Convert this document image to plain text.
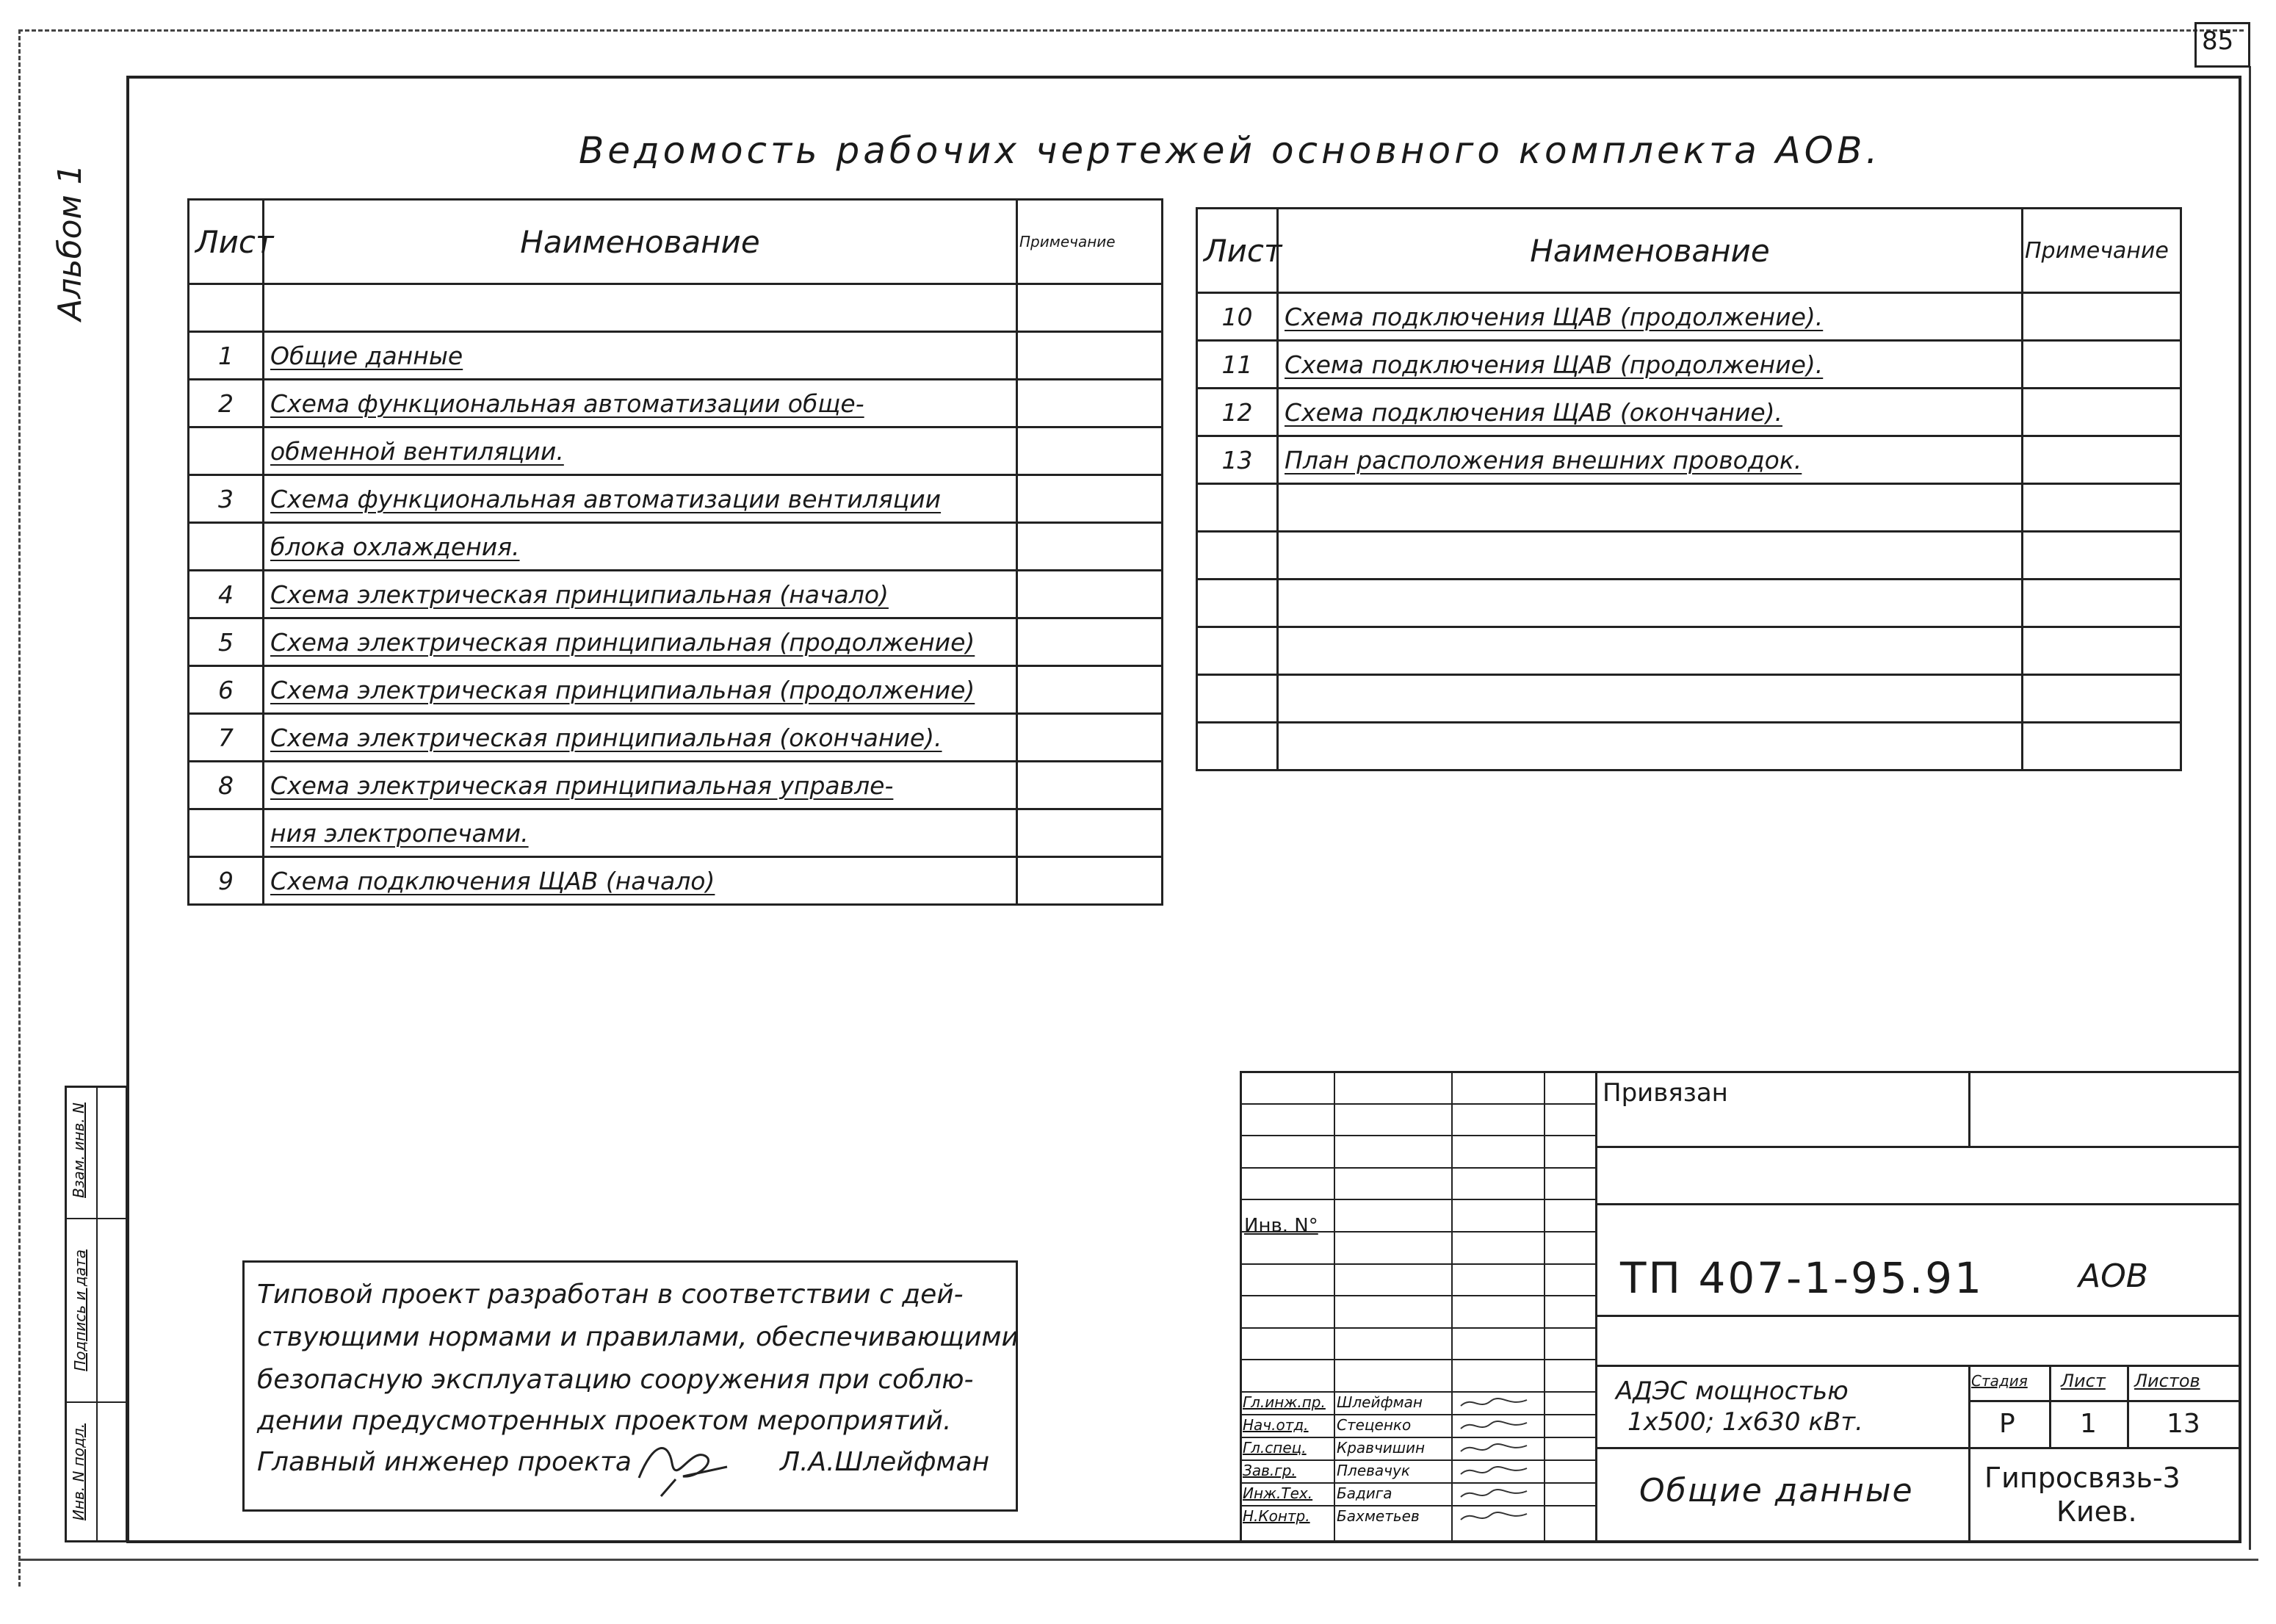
85
Альбом 1
Взам. инв. N
Подпись и дата
Инв. N подл.
Ведомость рабочих чертежей основного комплекта АОВ.
Лист	Наименование	Примечание

1	Общие данные	
2	Схема функциональная автоматизации обще-	
	обменной вентиляции.	
3	Схема функциональная автоматизации вентиляции	
	блока охлаждения.	
4	Схема электрическая принципиальная (начало)	
5	Схема электрическая принципиальная (продолжение)	
6	Схема электрическая принципиальная (продолжение)	
7	Схема электрическая принципиальная (окончание).	
8	Схема электрическая принципиальная управле-	
	ния электропечами.	
9	Схема подключения ЩАВ (начало)	
Лист	Наименование	Примечание
10	Схема подключения ЩАВ (продолжение).	
11	Схема подключения ЩАВ (продолжение).	
12	Схема подключения ЩАВ (окончание).	
13	План расположения внешних проводок.	

Типовой проект разработан в соответствии с дей-
ствующими нормами и правилами, обеспечивающими
безопасную эксплуатацию сооружения при соблю-
дении предусмотренных проектом мероприятий.
Главный инженер проекта	Л.А.Шлейфман
Гл.инж.пр. Шлейфман
Нач.отд. Стеценко
Гл.спец. Кравчишин
Зав.гр.	Плевачук
Инж.Тех. Бадига
Н.Контр. Бахметьев
Привязан
ТП 407-1-95.91	АОВ
АДЭС мощностью
1х500; 1х630 кВт.
Стадия Лист Листов
Р 1	13
Общие данные	Гипросвязь-3
Киев.
Инв. N°
